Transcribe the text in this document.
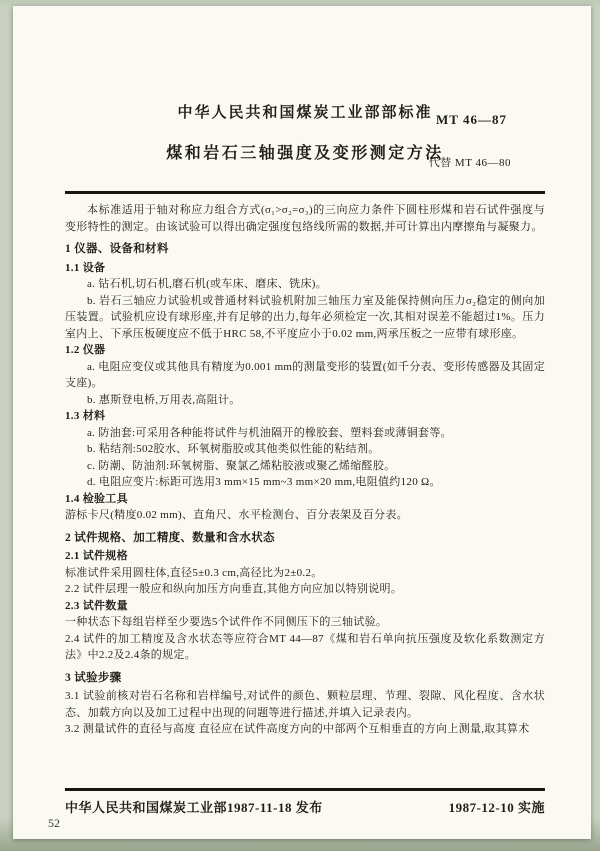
中华人民共和国煤炭工业部部标准
煤和岩石三轴强度及变形测定方法

本标准适用于轴对称应力组合方式(σ₁>σ₂=σ₃)的三向应力条件下圆柱形煤和岩石试件强度与变形特性的测定。由该试验可以得出确定强度包络线所需的数据,并可计算出内摩擦角与凝聚力。

1 仪器、设备和材料

1.1 设备

a. 钻石机,切石机,磨石机(或车床、磨床、铣床)。

b. 岩石三轴应力试验机或普通材料试验机附加三轴压力室及能保持侧向压力σ₂稳定的侧向加压装置。试验机应设有球形座,并有足够的出力,每年必须检定一次,其相对误差不能超过1%。压力室内上、下承压板硬度应不低于HRC 58,不平度应小于0.02 mm,两承压板之一应带有球形座。

1.2 仪器

a. 电阻应变仪或其他具有精度为0.001 mm的测量变形的装置(如千分表、变形传感器及其固定支座)。

b. 惠斯登电桥,万用表,高阻计。

1.3 材料

a. 防油套:可采用各种能将试件与机油隔开的橡胶套、塑料套或薄铜套等。

b. 粘结剂:502胶水、环氧树脂胶或其他类似性能的粘结剂。

c. 防潮、防油剂:环氧树脂、聚氯乙烯粘胶液或聚乙烯缩醛胶。

d. 电阻应变片:标距可选用3 mm×15 mm~3 mm×20 mm,电阻值约120 Ω。

1.4 检验工具

游标卡尺(精度0.02 mm)、直角尺、水平检测台、百分表架及百分表。

2 试件规格、加工精度、数量和含水状态

2.1 试件规格

标准试件采用圆柱体,直径5±0.3 cm,高径比为2±0.2。

2.2 试件层理一般应和纵向加压方向垂直,其他方向应加以特别说明。

2.3 试件数量

一种状态下每组岩样至少要选5个试件作不同侧压下的三轴试验。

2.4 试件的加工精度及含水状态等应符合MT 44—87《煤和岩石单向抗压强度及软化系数测定方法》中2.2及2.4条的规定。

3 试验步骤

3.1 试验前核对岩石名称和岩样编号,对试件的颜色、颗粒层理、节理、裂隙、风化程度、含水状态、加载方向以及加工过程中出现的问题等进行描述,并填入记录表内。

3.2 测量试件的直径与高度 直径应在试件高度方向的中部两个互相垂直的方向上测量,取其算术

MT 46—87
代替 MT 46—80
中华人民共和国煤炭工业部1987-11-18 发布	1987-12-10 实施
52
